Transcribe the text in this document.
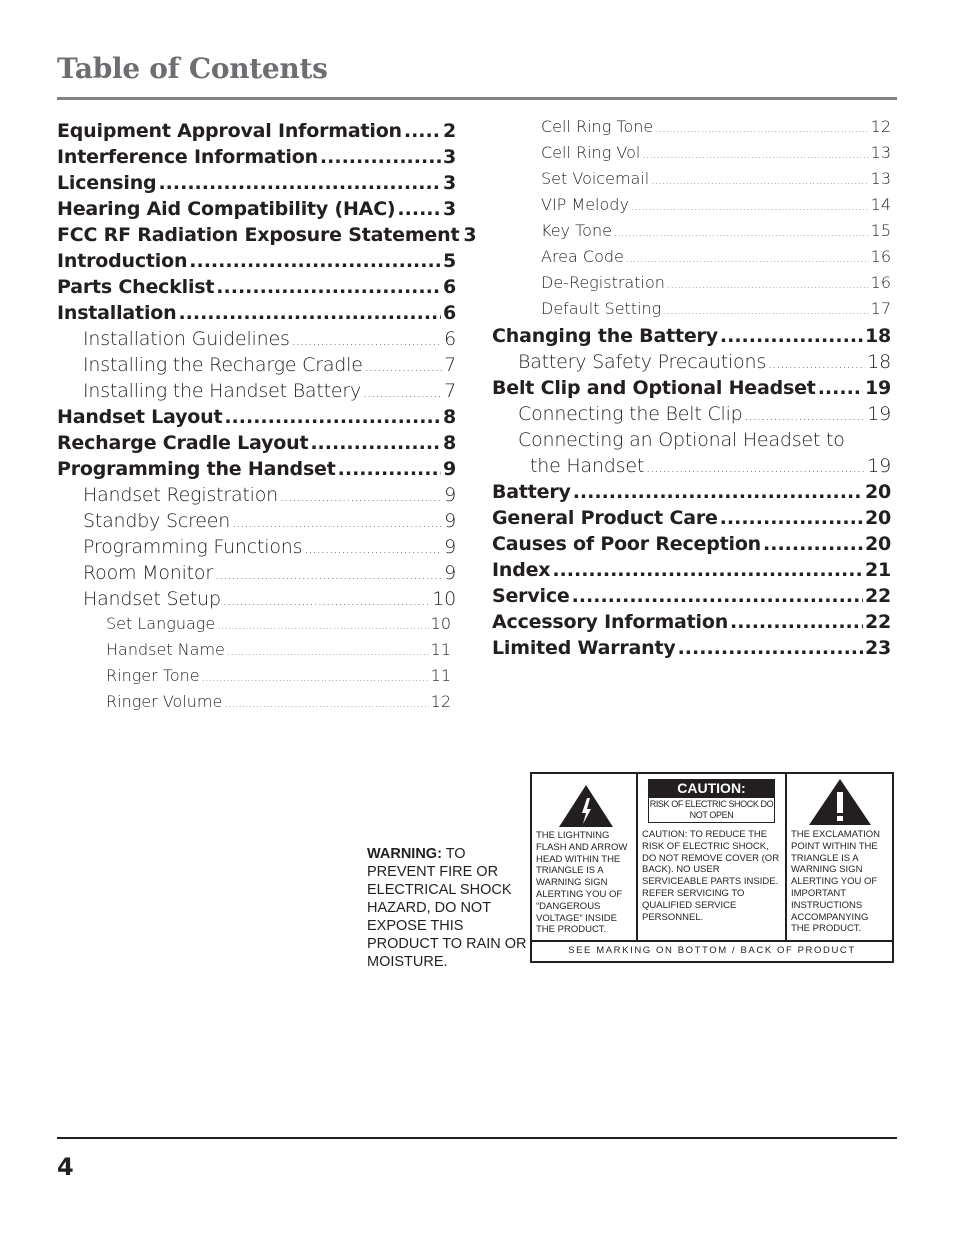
Table of Contents
Equipment Approval Information ..... 2
Interference Information .....	3
Licensing .....	3
Hearing Aid Compatibility (HAC) .....	3
FCC RF Radiation Exposure Statement 3
Introduction .....	5
Parts Checklist .....	6
Installation .....	6
Installation Guidelines .....	6
Installing the Recharge Cradle .....	7
Installing the Handset Battery .....	7
Handset Layout .....	8
Recharge Cradle Layout .....	8
Programming the Handset .....	9
Handset Registration .....	9
Standby Screen .....	9
Programming Functions .....	9
Room Monitor .....	9
Handset Setup .....	10
Set Language .....	10
Handset Name .....	11
Ringer Tone .....	11
Ringer Volume .....	12
Cell Ring Tone .....	12
Cell Ring Vol .....	13
Set Voicemail .....	13
VIP Melody .....	14
Key Tone .....	15
Area Code .....	16
De-Registration .....	16
Default Setting .....	17
Changing the Battery .....	18
Battery Safety Precautions .....	18
Belt Clip and Optional Headset .....	19
Connecting the Belt Clip .....	19
Connecting an Optional Headset to
the Handset .....	19
Battery .....	20
General Product Care .....	20
Causes of Poor Reception .....	20
Index .....	21
Service .....	22
Accessory Information .....	22
Limited Warranty .....	23
WARNING: TO PREVENT FIRE OR ELECTRICAL SHOCK HAZARD, DO NOT EXPOSE THIS PRODUCT TO RAIN OR MOISTURE.
THE LIGHTNING FLASH AND ARROW HEAD WITHIN THE TRIANGLE IS A WARNING SIGN ALERTING YOU OF “DANGEROUS VOLTAGE” INSIDE THE PRODUCT.
CAUTION:
RISK OF ELECTRIC SHOCK DO NOT OPEN
CAUTION: TO REDUCE THE RISK OF ELECTRIC SHOCK, DO NOT REMOVE COVER (OR BACK). NO USER SERVICEABLE PARTS INSIDE. REFER SERVICING TO QUALIFIED SERVICE PERSONNEL.
THE EXCLAMATION POINT WITHIN THE TRIANGLE IS A WARNING SIGN ALERTING YOU OF IMPORTANT INSTRUCTIONS ACCOMPANYING THE PRODUCT.
SEE MARKING ON BOTTOM / BACK OF PRODUCT
4
